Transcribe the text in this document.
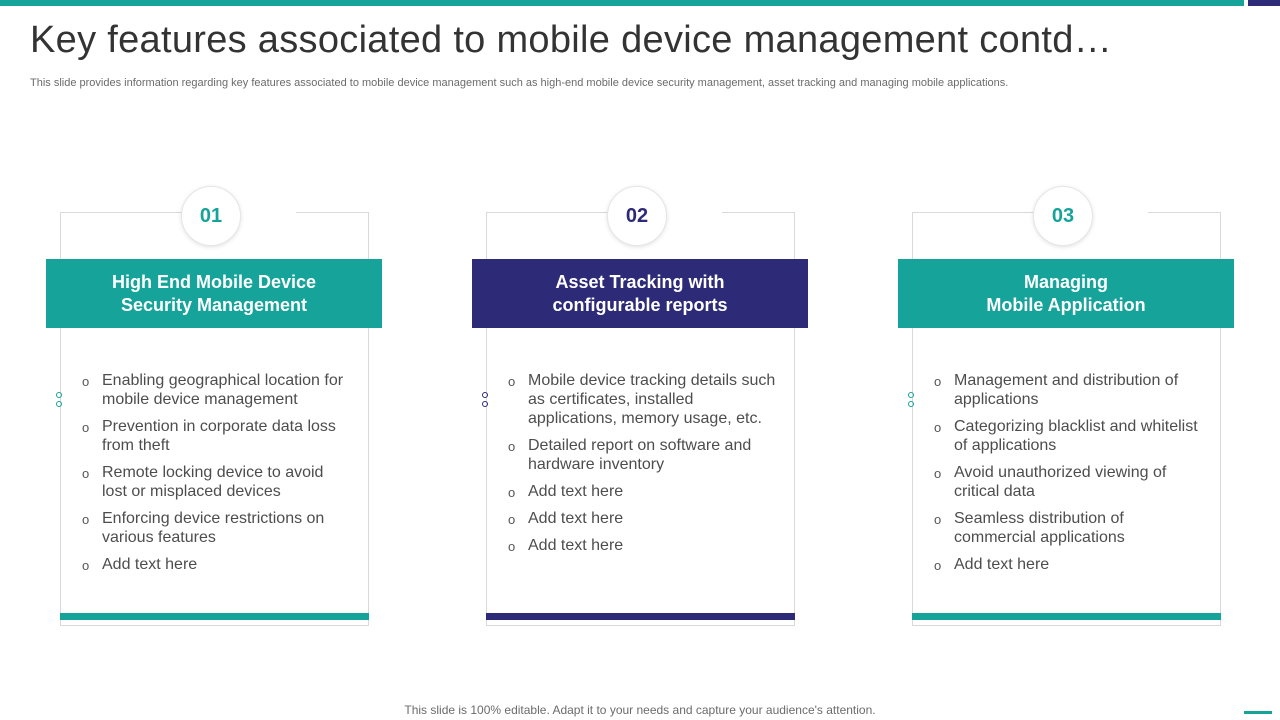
Key features associated to mobile device management contd…
This slide provides information regarding key features associated to mobile device management such as high-end mobile device security management, asset tracking and managing mobile applications.
01
High End Mobile Device
Security Management
o Enabling geographical location for mobile device management
o Prevention in corporate data loss from theft
o Remote locking device to avoid lost or misplaced devices
o Enforcing device restrictions on various features
o Add text here
02
Asset Tracking with
configurable reports
o Mobile device tracking details such as certificates, installed applications, memory usage, etc.
o Detailed report on software and hardware inventory
o Add text here
o Add text here
o Add text here
03
Managing
Mobile Application
o Management and distribution of applications
o Categorizing blacklist and whitelist of applications
o Avoid unauthorized viewing of critical data
o Seamless distribution of commercial applications
o Add text here
This slide is 100% editable. Adapt it to your needs and capture your audience's attention.
